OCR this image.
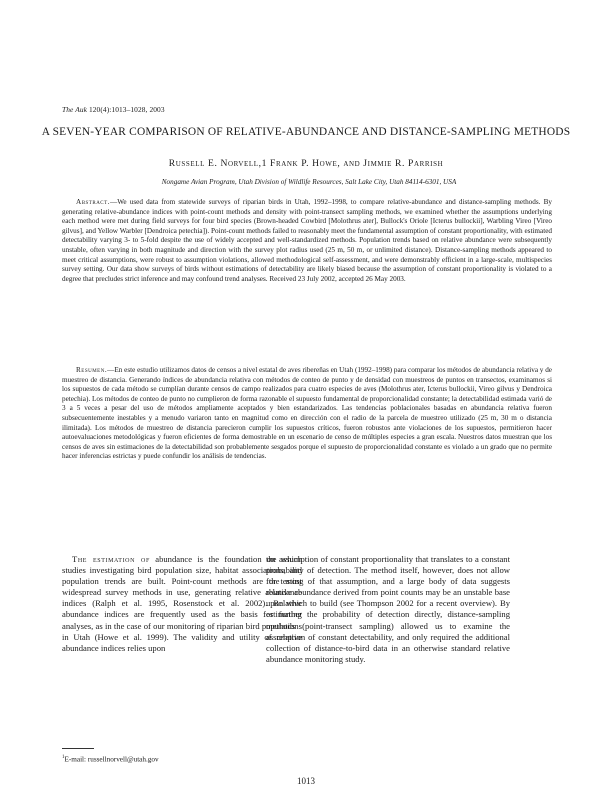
The Auk 120(4):1013–1028, 2003
A SEVEN-YEAR COMPARISON OF RELATIVE-ABUNDANCE AND DISTANCE-SAMPLING METHODS
Russell E. Norvell,1 Frank P. Howe, and Jimmie R. Parrish
Nongame Avian Program, Utah Division of Wildlife Resources, Salt Lake City, Utah 84114-6301, USA
Abstract.—We used data from statewide surveys of riparian birds in Utah, 1992–1998, to compare relative-abundance and distance-sampling methods. By generating relative-abundance indices with point-count methods and density with point-transect sampling methods, we examined whether the assumptions underlying each method were met during field surveys for four bird species (Brown-headed Cowbird [Molothrus ater], Bullock's Oriole [Icterus bullockii], Warbling Vireo [Vireo gilvus], and Yellow Warbler [Dendroica petechia]). Point-count methods failed to reasonably meet the fundamental assumption of constant proportionality, with estimated detectability varying 3- to 5-fold despite the use of widely accepted and well-standardized methods. Population trends based on relative abundance were subsequently unstable, often varying in both magnitude and direction with the survey plot radius used (25 m, 50 m, or unlimited distance). Distance-sampling methods appeared to meet critical assumptions, were robust to assumption violations, allowed methodological self-assessment, and were demonstrably efficient in a large-scale, multispecies survey setting. Our data show surveys of birds without estimations of detectability are likely biased because the assumption of constant proportionality is violated to a degree that precludes strict inference and may confound trend analyses. Received 23 July 2002, accepted 26 May 2003.
Resumen.—En este estudio utilizamos datos de censos a nivel estatal de aves ribereñas en Utah (1992–1998) para comparar los métodos de abundancia relativa y de muestreo de distancia. Generando índices de abundancia relativa con métodos de conteo de punto y de densidad con muestreos de puntos en transectos, examinamos si los supuestos de cada método se cumplían durante censos de campo realizados para cuatro especies de aves (Molothrus ater, Icterus bullockii, Vireo gilvus y Dendroica petechia). Los métodos de conteo de punto no cumplieron de forma razonable el supuesto fundamental de proporcionalidad constante; la detectabilidad estimada varió de 3 a 5 veces a pesar del uso de métodos ampliamente aceptados y bien estandarizados. Las tendencias poblacionales basadas en abundancia relativa fueron subsecuentemente inestables y a menudo variaron tanto en magnitud como en dirección con el radio de la parcela de muestreo utilizado (25 m, 30 m o distancia ilimitada). Los métodos de muestreo de distancia parecieron cumplir los supuestos críticos, fueron robustos ante violaciones de los supuestos, permitieron hacer autoevaluaciones metodológicas y fueron eficientes de forma demostrable en un escenario de censo de múltiples especies a gran escala. Nuestros datos muestran que los censos de aves sin estimaciones de la detectabilidad son probablemente sesgados porque el supuesto de proporcionalidad constante es violado a un grado que no permite hacer inferencias estrictas y puede confundir los análisis de tendencias.

The estimation of abundance is the foundation on which studies investigating bird population size, habitat associations, and population trends are built. Point-count methods are the most widespread survey methods in use, generating relative abundance indices (Ralph et al. 1995, Rosenstock et al. 2002). Relative abundance indices are frequently used as the basis for further analyses, as in the case of our monitoring of riparian bird populations in Utah (Howe et al. 1999). The validity and utility of relative abundance indices relies upon

the assumption of constant proportionality that translates to a constant probability of detection. The method itself, however, does not allow for testing of that assumption, and a large body of data suggests relative abundance derived from point counts may be an unstable base upon which to build (see Thompson 2002 for a recent overview). By estimating the probability of detection directly, distance-sampling methods (point-transect sampling) allowed us to examine the assumption of constant detectability, and only required the additional collection of distance-to-bird data in an otherwise standard relative abundance monitoring study.

$^1$E-mail: russellnorvell@utah.gov
1013
